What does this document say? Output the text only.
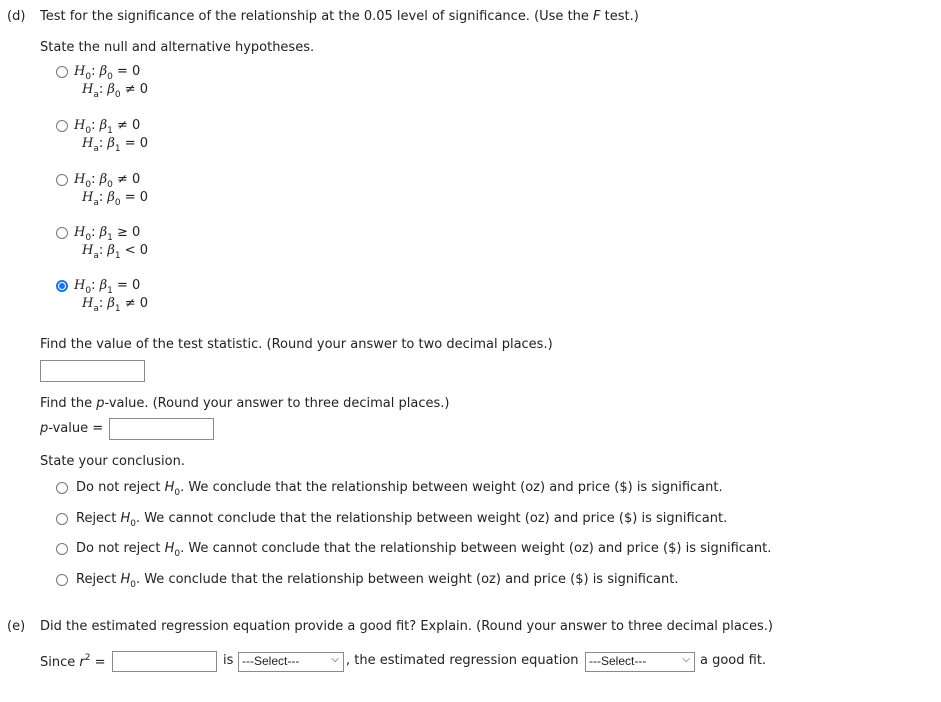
(d) Test for the significance of the relationship at the 0.05 level of significance. (Use the F test.)
State the null and alternative hypotheses.
$H_0$: $\beta_0 = 0$
$H_a$: $\beta_0 \ne 0$
$H_0$: $\beta_1 \ne 0$
$H_a$: $\beta_1 = 0$
$H_0$: $\beta_0 \ne 0$
$H_a$: $\beta_0 = 0$
$H_0$: $\beta_1 \ge 0$
$H_a$: $\beta_1 < 0$
$H_0$: $\beta_1 = 0$
$H_a$: $\beta_1 \ne 0$
Find the value of the test statistic. (Round your answer to two decimal places.)
Find the p-value. (Round your answer to three decimal places.)
p-value =
State your conclusion.
Do not reject $H_0$. We conclude that the relationship between weight (oz) and price ($) is significant.
Reject $H_0$. We cannot conclude that the relationship between weight (oz) and price ($) is significant.
Do not reject $H_0$. We cannot conclude that the relationship between weight (oz) and price ($) is significant.
Reject $H_0$. We conclude that the relationship between weight (oz) and price ($) is significant.
(e) Did the estimated regression equation provide a good fit? Explain. (Round your answer to three decimal places.)
Since $r^2$ =	is ---Select---	⌵ , the estimated regression equation ---Select---	⌵ a good fit.
